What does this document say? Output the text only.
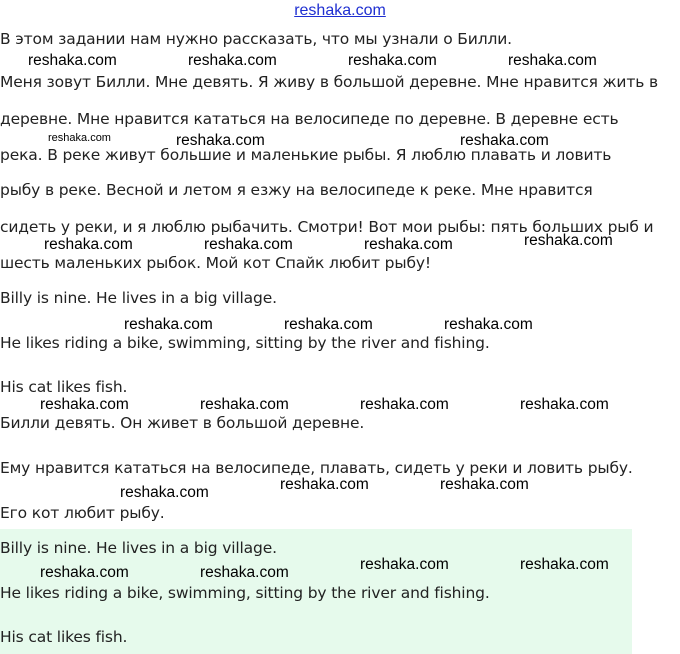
reshaka.com
В этом задании нам нужно рассказать, что мы узнали о Билли.
Меня зовут Билли. Мне девять. Я живу в большой деревне. Мне нравится жить в
деревне. Мне нравится кататься на велосипеде по деревне. В деревне есть
река. В реке живут большие и маленькие рыбы. Я люблю плавать и ловить
рыбу в реке. Весной и летом я езжу на велосипеде к реке. Мне нравится
сидеть у реки, и я люблю рыбачить. Смотри! Вот мои рыбы: пять больших рыб и
шесть маленьких рыбок. Мой кот Спайк любит рыбу!
Billy is nine. He lives in a big village.
He likes riding a bike, swimming, sitting by the river and fishing.
His cat likes fish.
Билли девять. Он живет в большой деревне.
Ему нравится кататься на велосипеде, плавать, сидеть у реки и ловить рыбу.
Его кот любит рыбу.
Billy is nine. He lives in a big village.
He likes riding a bike, swimming, sitting by the river and fishing.
His cat likes fish.
reshaka.com	reshaka.com	reshaka.com	reshaka.com
reshaka.com	reshaka.com	reshaka.com
reshaka.com	reshaka.com	reshaka.com	reshaka.com
reshaka.com	reshaka.com	reshaka.com
reshaka.com	reshaka.com	reshaka.com	reshaka.com
reshaka.com	reshaka.com	reshaka.com
reshaka.com	reshaka.com	reshaka.com	reshaka.com
